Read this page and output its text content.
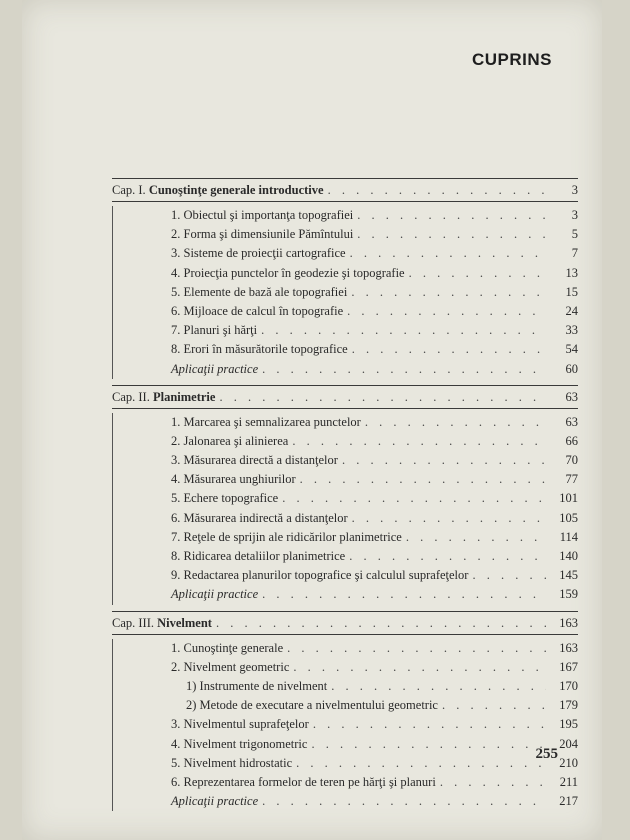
CUPRINS
Cap. I. Cunoştinţe generale introductive . . .	3
1. Obiectul şi importanţa topografiei . . .	3
2. Forma şi dimensiunile Pămîntului . . .	5
3. Sisteme de proiecţii cartografice . . .	7
4. Proiecţia punctelor în geodezie şi topografie . . .	13
5. Elemente de bază ale topografiei . . .	15
6. Mijloace de calcul în topografie . . .	24
7. Planuri şi hărţi . . .	33
8. Erori în măsurătorile topografice . . .	54
Aplicaţii practice . . .	60
Cap. II. Planimetrie . . .	63
1. Marcarea şi semnalizarea punctelor . . .	63
2. Jalonarea şi alinierea . . .	66
3. Măsurarea directă a distanţelor . . .	70
4. Măsurarea unghiurilor . . .	77
5. Echere topografice . . .	101
6. Măsurarea indirectă a distanţelor . . .	105
7. Reţele de sprijin ale ridicărilor planimetrice . . .	114
8. Ridicarea detaliilor planimetrice . . .	140
9. Redactarea planurilor topografice şi calculul suprafeţelor . . .	145
Aplicaţii practice . . .	159
Cap. III. Nivelment . . .	163
1. Cunoştinţe generale . . .	163
2. Nivelment geometric . . .	167
1) Instrumente de nivelment . . .	170
2) Metode de executare a nivelmentului geometric . . .	179
3. Nivelmentul suprafeţelor . . .	195
4. Nivelment trigonometric . . .	204
5. Nivelment hidrostatic . . .	210
6. Reprezentarea formelor de teren pe hărţi şi planuri . . .	211
Aplicaţii practice . . .	217
255
